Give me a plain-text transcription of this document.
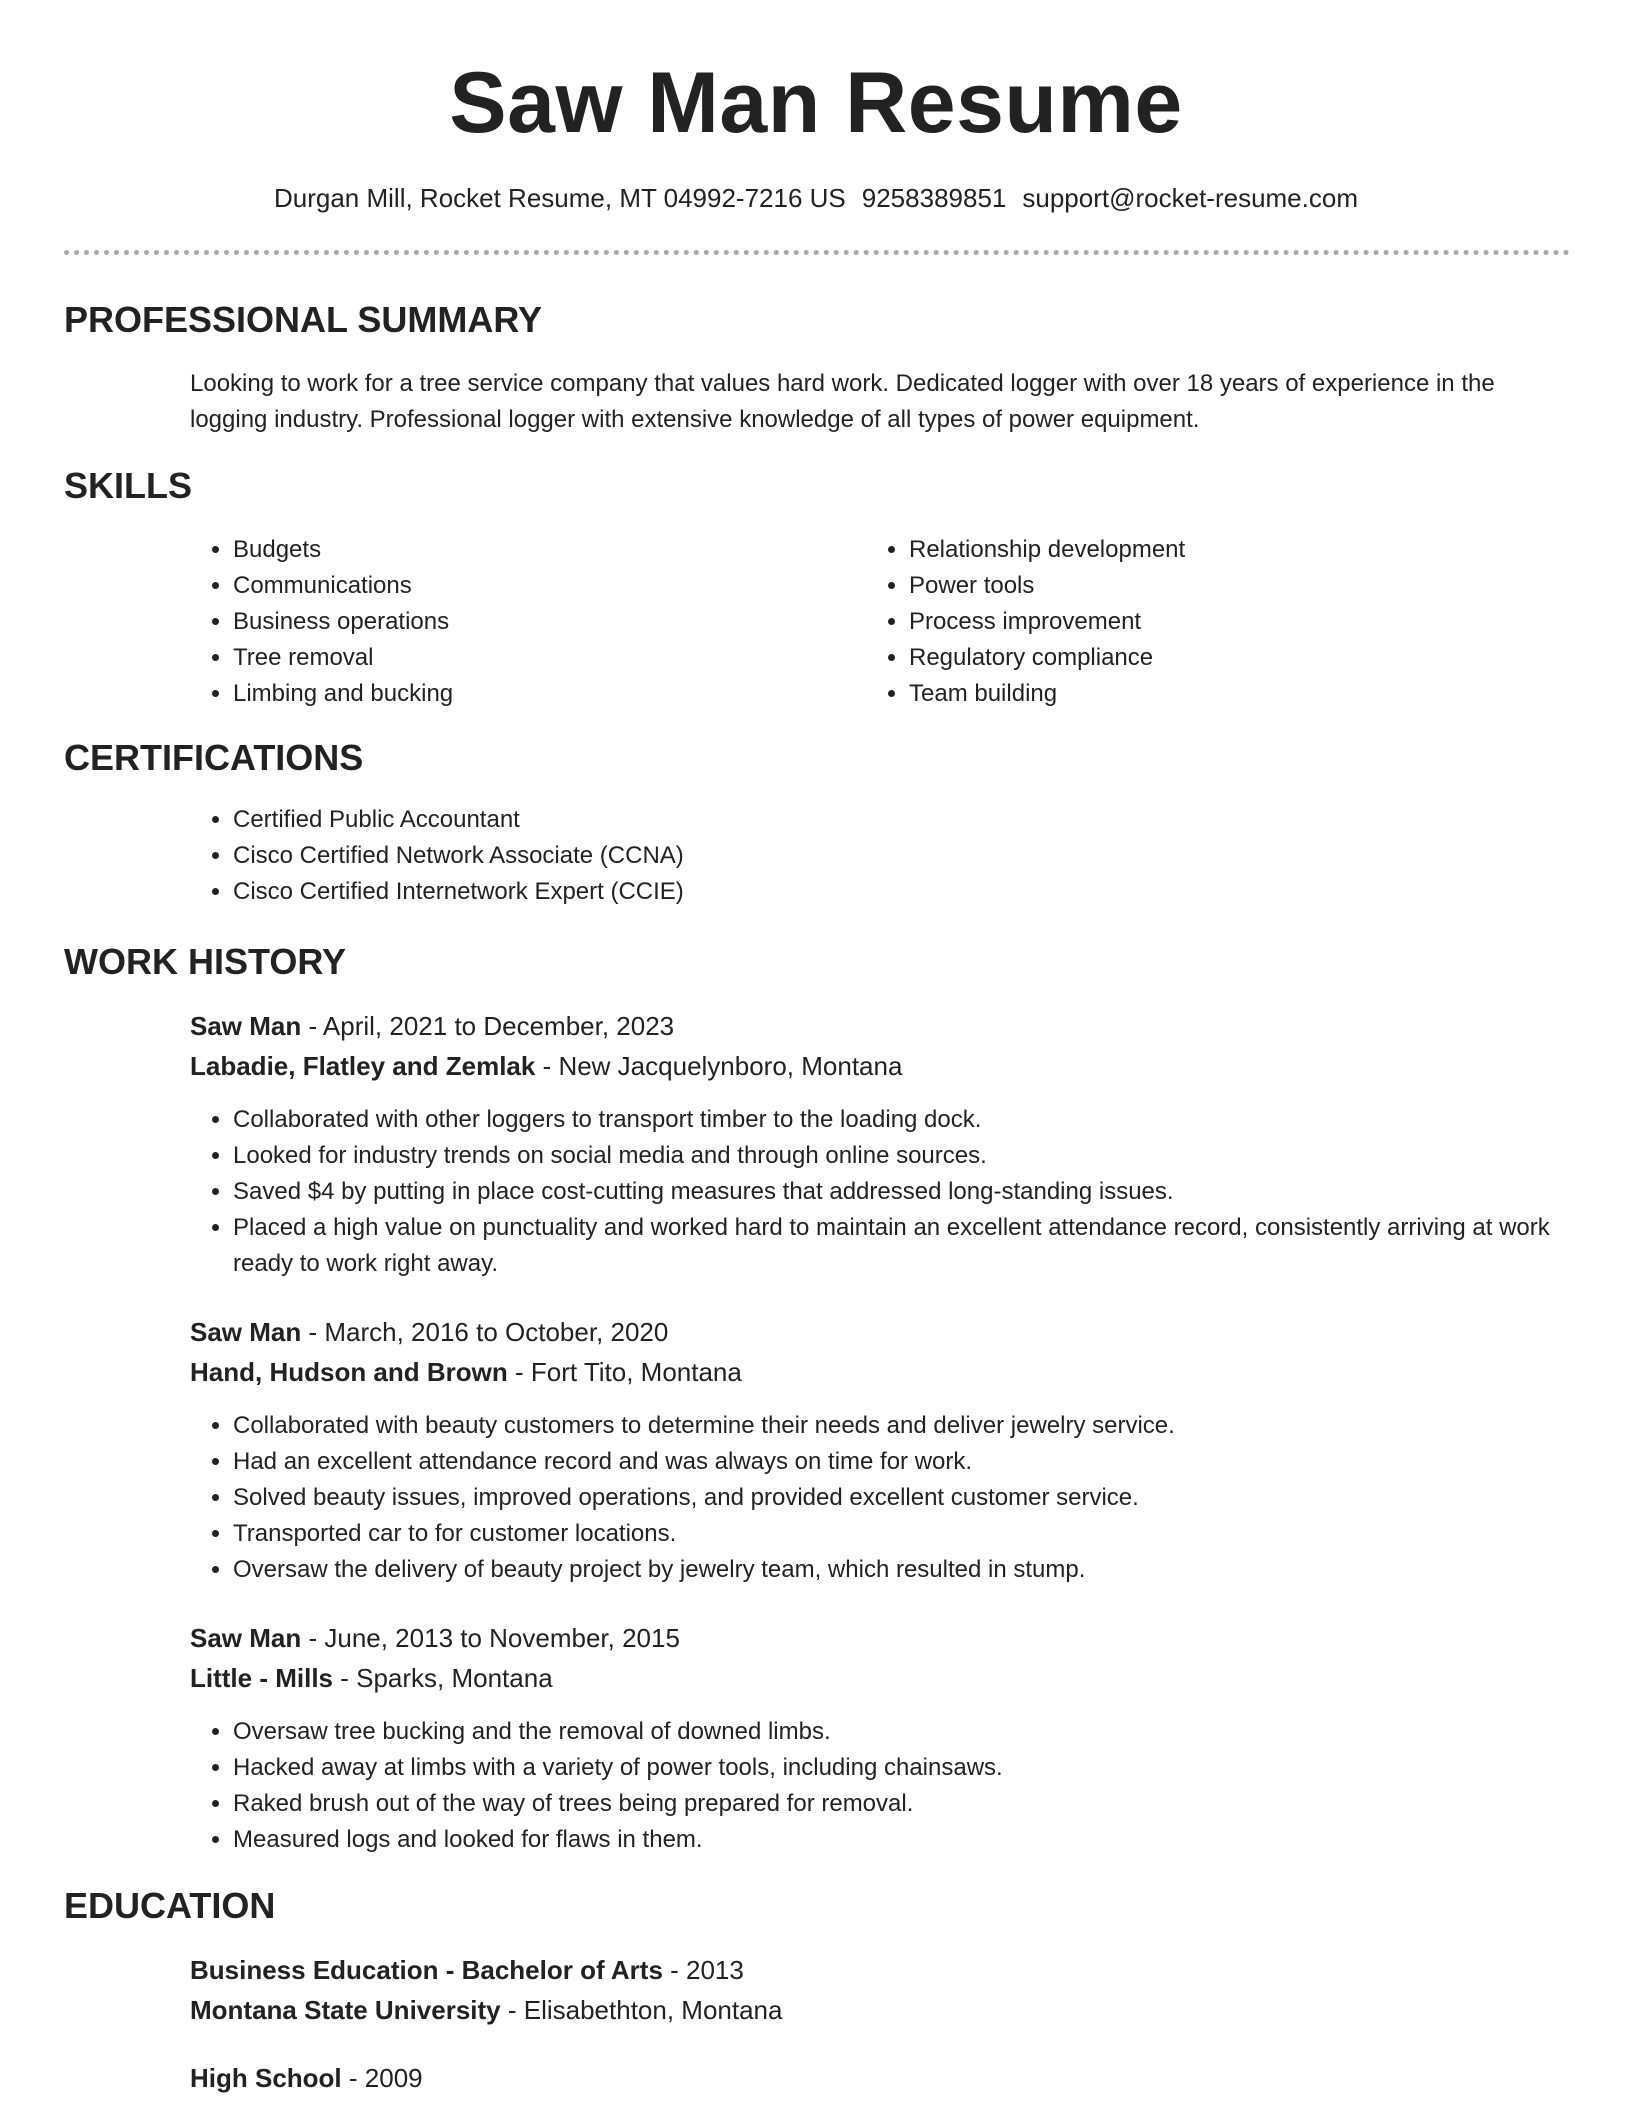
Saw Man Resume
Durgan Mill, Rocket Resume, MT 04992-7216 US 9258389851 support@rocket-resume.com
PROFESSIONAL SUMMARY

Looking to work for a tree service company that values hard work. Dedicated logger with over 18 years of experience in the logging industry. Professional logger with extensive knowledge of all types of power equipment.

SKILLS
• Budgets
• Communications
• Business operations
• Tree removal
• Limbing and bucking
• Relationship development
• Power tools
• Process improvement
• Regulatory compliance
• Team building
CERTIFICATIONS
• Certified Public Accountant
• Cisco Certified Network Associate (CCNA)
• Cisco Certified Internetwork Expert (CCIE)
WORK HISTORY
Saw Man - April, 2021 to December, 2023
Labadie, Flatley and Zemlak - New Jacquelynboro, Montana
• Collaborated with other loggers to transport timber to the loading dock.
• Looked for industry trends on social media and through online sources.
• Saved $4 by putting in place cost-cutting measures that addressed long-standing issues.
• Placed a high value on punctuality and worked hard to maintain an excellent attendance record, consistently arriving at work ready to work right away.
Saw Man - March, 2016 to October, 2020
Hand, Hudson and Brown - Fort Tito, Montana
• Collaborated with beauty customers to determine their needs and deliver jewelry service.
• Had an excellent attendance record and was always on time for work.
• Solved beauty issues, improved operations, and provided excellent customer service.
• Transported car to for customer locations.
• Oversaw the delivery of beauty project by jewelry team, which resulted in stump.
Saw Man - June, 2013 to November, 2015
Little - Mills - Sparks, Montana
• Oversaw tree bucking and the removal of downed limbs.
• Hacked away at limbs with a variety of power tools, including chainsaws.
• Raked brush out of the way of trees being prepared for removal.
• Measured logs and looked for flaws in them.
EDUCATION
Business Education - Bachelor of Arts - 2013
Montana State University - Elisabethton, Montana
High School - 2009
